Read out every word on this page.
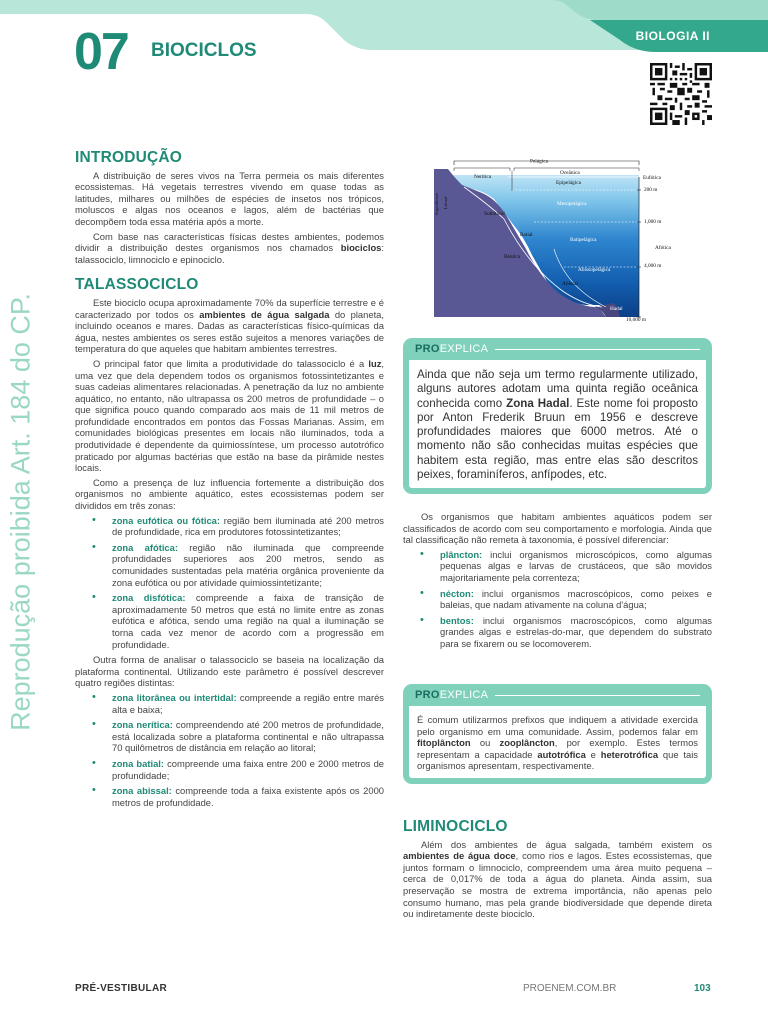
07 BIOCICLOS
BIOLOGIA II
Reprodução proibida Art. 184 do CP.
INTRODUÇÃO

A distribuição de seres vivos na Terra permeia os mais diferentes ecossistemas. Há vegetais terrestres vivendo em quase todas as latitudes, milhares ou milhões de espécies de insetos nos trópicos, moluscos e algas nos oceanos e lagos, além de bactérias que decompõem toda essa matéria após a morte.

Com base nas características físicas destes ambientes, podemos dividir a distribuição destes organismos nos chamados biociclos: talassociclo, limnociclo e epinociclo.

TALASSOCICLO

Este biociclo ocupa aproximadamente 70% da superfície terrestre e é caracterizado por todos os ambientes de água salgada do planeta, incluindo oceanos e mares. Dadas as características físico-químicas da água, nestes ambientes os seres estão sujeitos a menores variações de temperatura do que aqueles que habitam ambientes terrestres.

O principal fator que limita a produtividade do talassociclo é a luz, uma vez que dela dependem todos os organismos fotossintetizantes e suas cadeias alimentares relacionadas. A penetração da luz no ambiente aquático, no entanto, não ultrapassa os 200 metros de profundidade – o que significa pouco quando comparado aos mais de 11 mil metros de profundidade encontrados em pontos das Fossas Marianas. Assim, em comunidades biológicas presentes em locais não iluminados, toda a produtividade é dependente da quimiossíntese, um processo autotrófico praticado por algumas bactérias que estão na base da pirâmide nestes locais.

Como a presença de luz influencia fortemente a distribuição dos organismos no ambiente aquático, estes ecossistemas podem ser divididos em três zonas:

• zona eufótica ou fótica: região bem iluminada até 200 metros de profundidade, rica em produtores fotossintetizantes;
• zona afótica: região não iluminada que compreende profundidades superiores aos 200 metros, sendo as comunidades sustentadas pela matéria orgânica proveniente da zona eufótica ou por atividade quimiossintetizante;
• zona disfótica: compreende a faixa de transição de aproximadamente 50 metros que está no limite entre as zonas eufótica e afótica, sendo uma região na qual a iluminação se torna cada vez menor de acordo com a progressão em profundidade.

Outra forma de analisar o talassociclo se baseia na localização da plataforma continental. Utilizando este parâmetro é possível descrever quatro regiões distintas:

• zona litorânea ou intertidal: compreende a região entre marés alta e baixa;
• zona nerítica: compreendendo até 200 metros de profundidade, está localizada sobre a plataforma continental e não ultrapassa 70 quilômetros de distância em relação ao litoral;
• zona batial: compreende uma faixa entre 200 e 2000 metros de profundidade;
• zona abissal: compreende toda a faixa existente após os 2000 metros de profundidade.
Pelágica
Nerítica
Oceânica
Epipelágica
Eufótica
200 m
Sublitoral
Mesopelágica
1,000 m
Batial
Batipelágica
Afótica
Bêntica
4,000 m
Abissopelágica
Abissal
Hadal
10,000 m
Supralitoral Litoral
PROEXPLICA
Ainda que não seja um termo regularmente utilizado, alguns autores adotam uma quinta região oceânica conhecida como Zona Hadal. Este nome foi proposto por Anton Frederik Bruun em 1956 e descreve profundidades maiores que 6000 metros. Até o momento não são conhecidas muitas espécies que habitem esta região, mas entre elas são descritos peixes, foraminíferos, anfípodes, etc.

Os organismos que habitam ambientes aquáticos podem ser classificados de acordo com seu comportamento e morfologia. Ainda que tal classificação não remeta à taxonomia, é possível diferenciar:

• plâncton: inclui organismos microscópicos, como algumas pequenas algas e larvas de crustáceos, que são movidos majoritariamente pela correnteza;
• nécton: inclui organismos macroscópicos, como peixes e baleias, que nadam ativamente na coluna d'água;
• bentos: inclui organismos macroscópicos, como algumas grandes algas e estrelas-do-mar, que dependem do substrato para se fixarem ou se locomoverem.
PROEXPLICA
É comum utilizarmos prefixos que indiquem a atividade exercida pelo organismo em uma comunidade. Assim, podemos falar em fitoplâncton ou zooplâncton, por exemplo. Estes termos representam a capacidade autotrófica e heterotrófica que tais organismos apresentam, respectivamente.
LIMINOCICLO

Além dos ambientes de água salgada, também existem os ambientes de água doce, como rios e lagos. Estes ecossistemas, que juntos formam o limnociclo, compreendem uma área muito pequena – cerca de 0,017% de toda a água do planeta. Ainda assim, sua preservação se mostra de extrema importância, não apenas pelo consumo humano, mas pela grande biodiversidade que depende direta ou indiretamente deste biociclo.

PRÉ-VESTIBULAR	PROENEM.COM.BR	103
